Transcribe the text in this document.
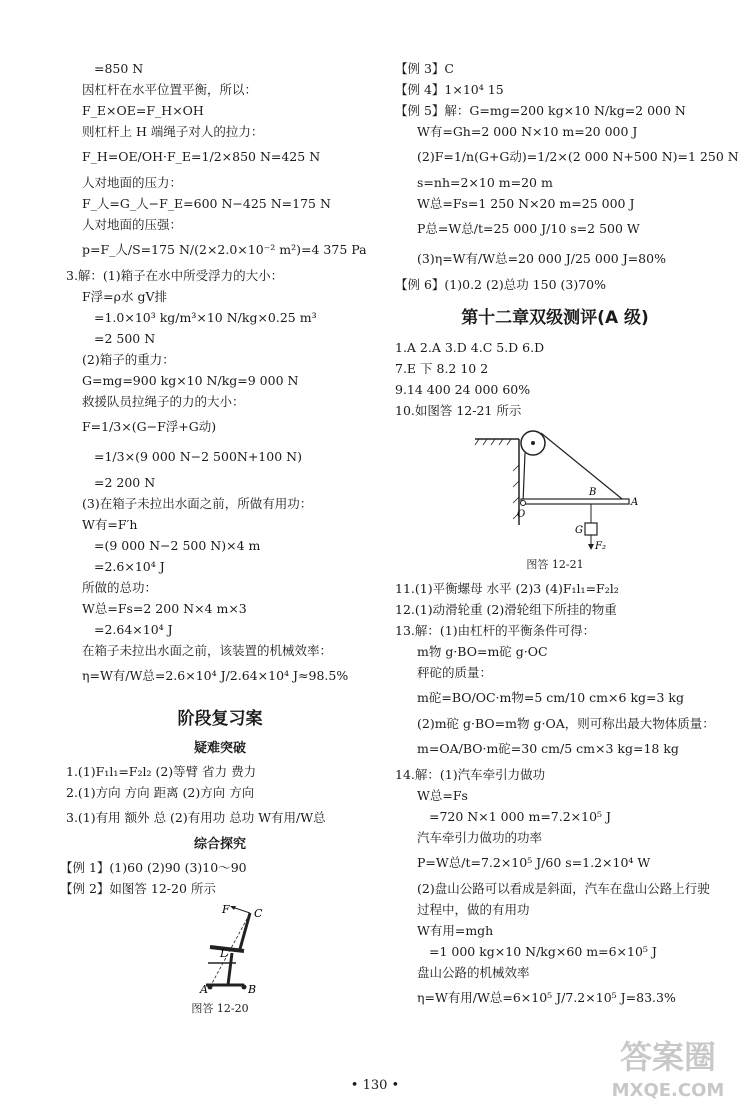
=850 N
因杠杆在水平位置平衡，所以：
F_E×OE=F_H×OH
则杠杆上 H 端绳子对人的拉力：
F_H=OE/OH·F_E=1/2×850 N=425 N
人对地面的压力：
F_人=G_人−F_E=600 N−425 N=175 N
人对地面的压强：
p=F_人/S=175 N/(2×2.0×10⁻² m²)=4 375 Pa
3.解：(1)箱子在水中所受浮力的大小：
F浮=ρ水 gV排
=1.0×10³ kg/m³×10 N/kg×0.25 m³
=2 500 N
(2)箱子的重力：
G=mg=900 kg×10 N/kg=9 000 N
救援队员拉绳子的力的大小：
F=1/3×(G−F浮+G动)
=1/3×(9 000 N−2 500N+100 N)
=2 200 N
(3)在箱子未拉出水面之前，所做有用功：
W有=F′h
=(9 000 N−2 500 N)×4 m
=2.6×10⁴ J
所做的总功：
W总=Fs=2 200 N×4 m×3
=2.64×10⁴ J
在箱子未拉出水面之前，该装置的机械效率：
η=W有/W总=2.6×10⁴ J/2.64×10⁴ J≈98.5%
阶段复习案
疑难突破
1.(1)F₁l₁=F₂l₂ (2)等臂 省力 费力
2.(1)方向 方向 距离 (2)方向 方向
3.(1)有用 额外 总 (2)有用功 总功 W有用/W总
综合探究
【例 1】(1)60 (2)90 (3)10～90
【例 2】如图答 12-20 所示
F C
L
A	B
图答 12-20
【例 3】C
【例 4】1×10⁴ 15
【例 5】解：G=mg=200 kg×10 N/kg=2 000 N
W有=Gh=2 000 N×10 m=20 000 J
(2)F=1/n(G+G动)=1/2×(2 000 N+500 N)=1 250 N
s=nh=2×10 m=20 m
W总=Fs=1 250 N×20 m=25 000 J
P总=W总/t=25 000 J/10 s=2 500 W
(3)η=W有/W总=20 000 J/25 000 J=80%
【例 6】(1)0.2 (2)总功 150 (3)70%
第十二章双级测评(A 级)
1.A 2.A 3.D 4.C 5.D 6.D
7.E 下 8.2 10 2
9.14 400 24 000 60%
10.如图答 12-21 所示
O
B
A
G
F₂
图答 12-21
11.(1)平衡螺母 水平 (2)3 (4)F₁l₁=F₂l₂
12.(1)动滑轮重 (2)滑轮组下所挂的物重
13.解：(1)由杠杆的平衡条件可得：
m物 g·BO=m砣 g·OC
秤砣的质量：
m砣=BO/OC·m物=5 cm/10 cm×6 kg=3 kg
(2)m砣 g·BO=m物 g·OA，则可称出最大物体质量：
m=OA/BO·m砣=30 cm/5 cm×3 kg=18 kg
14.解：(1)汽车牵引力做功
W总=Fs
=720 N×1 000 m=7.2×10⁵ J
汽车牵引力做功的功率
P=W总/t=7.2×10⁵ J/60 s=1.2×10⁴ W
(2)盘山公路可以看成是斜面，汽车在盘山公路上行驶
过程中，做的有用功
W有用=mgh
=1 000 kg×10 N/kg×60 m=6×10⁵ J
盘山公路的机械效率
η=W有用/W总=6×10⁵ J/7.2×10⁵ J=83.3%
• 130 •
答案圈
MXQE.COM
